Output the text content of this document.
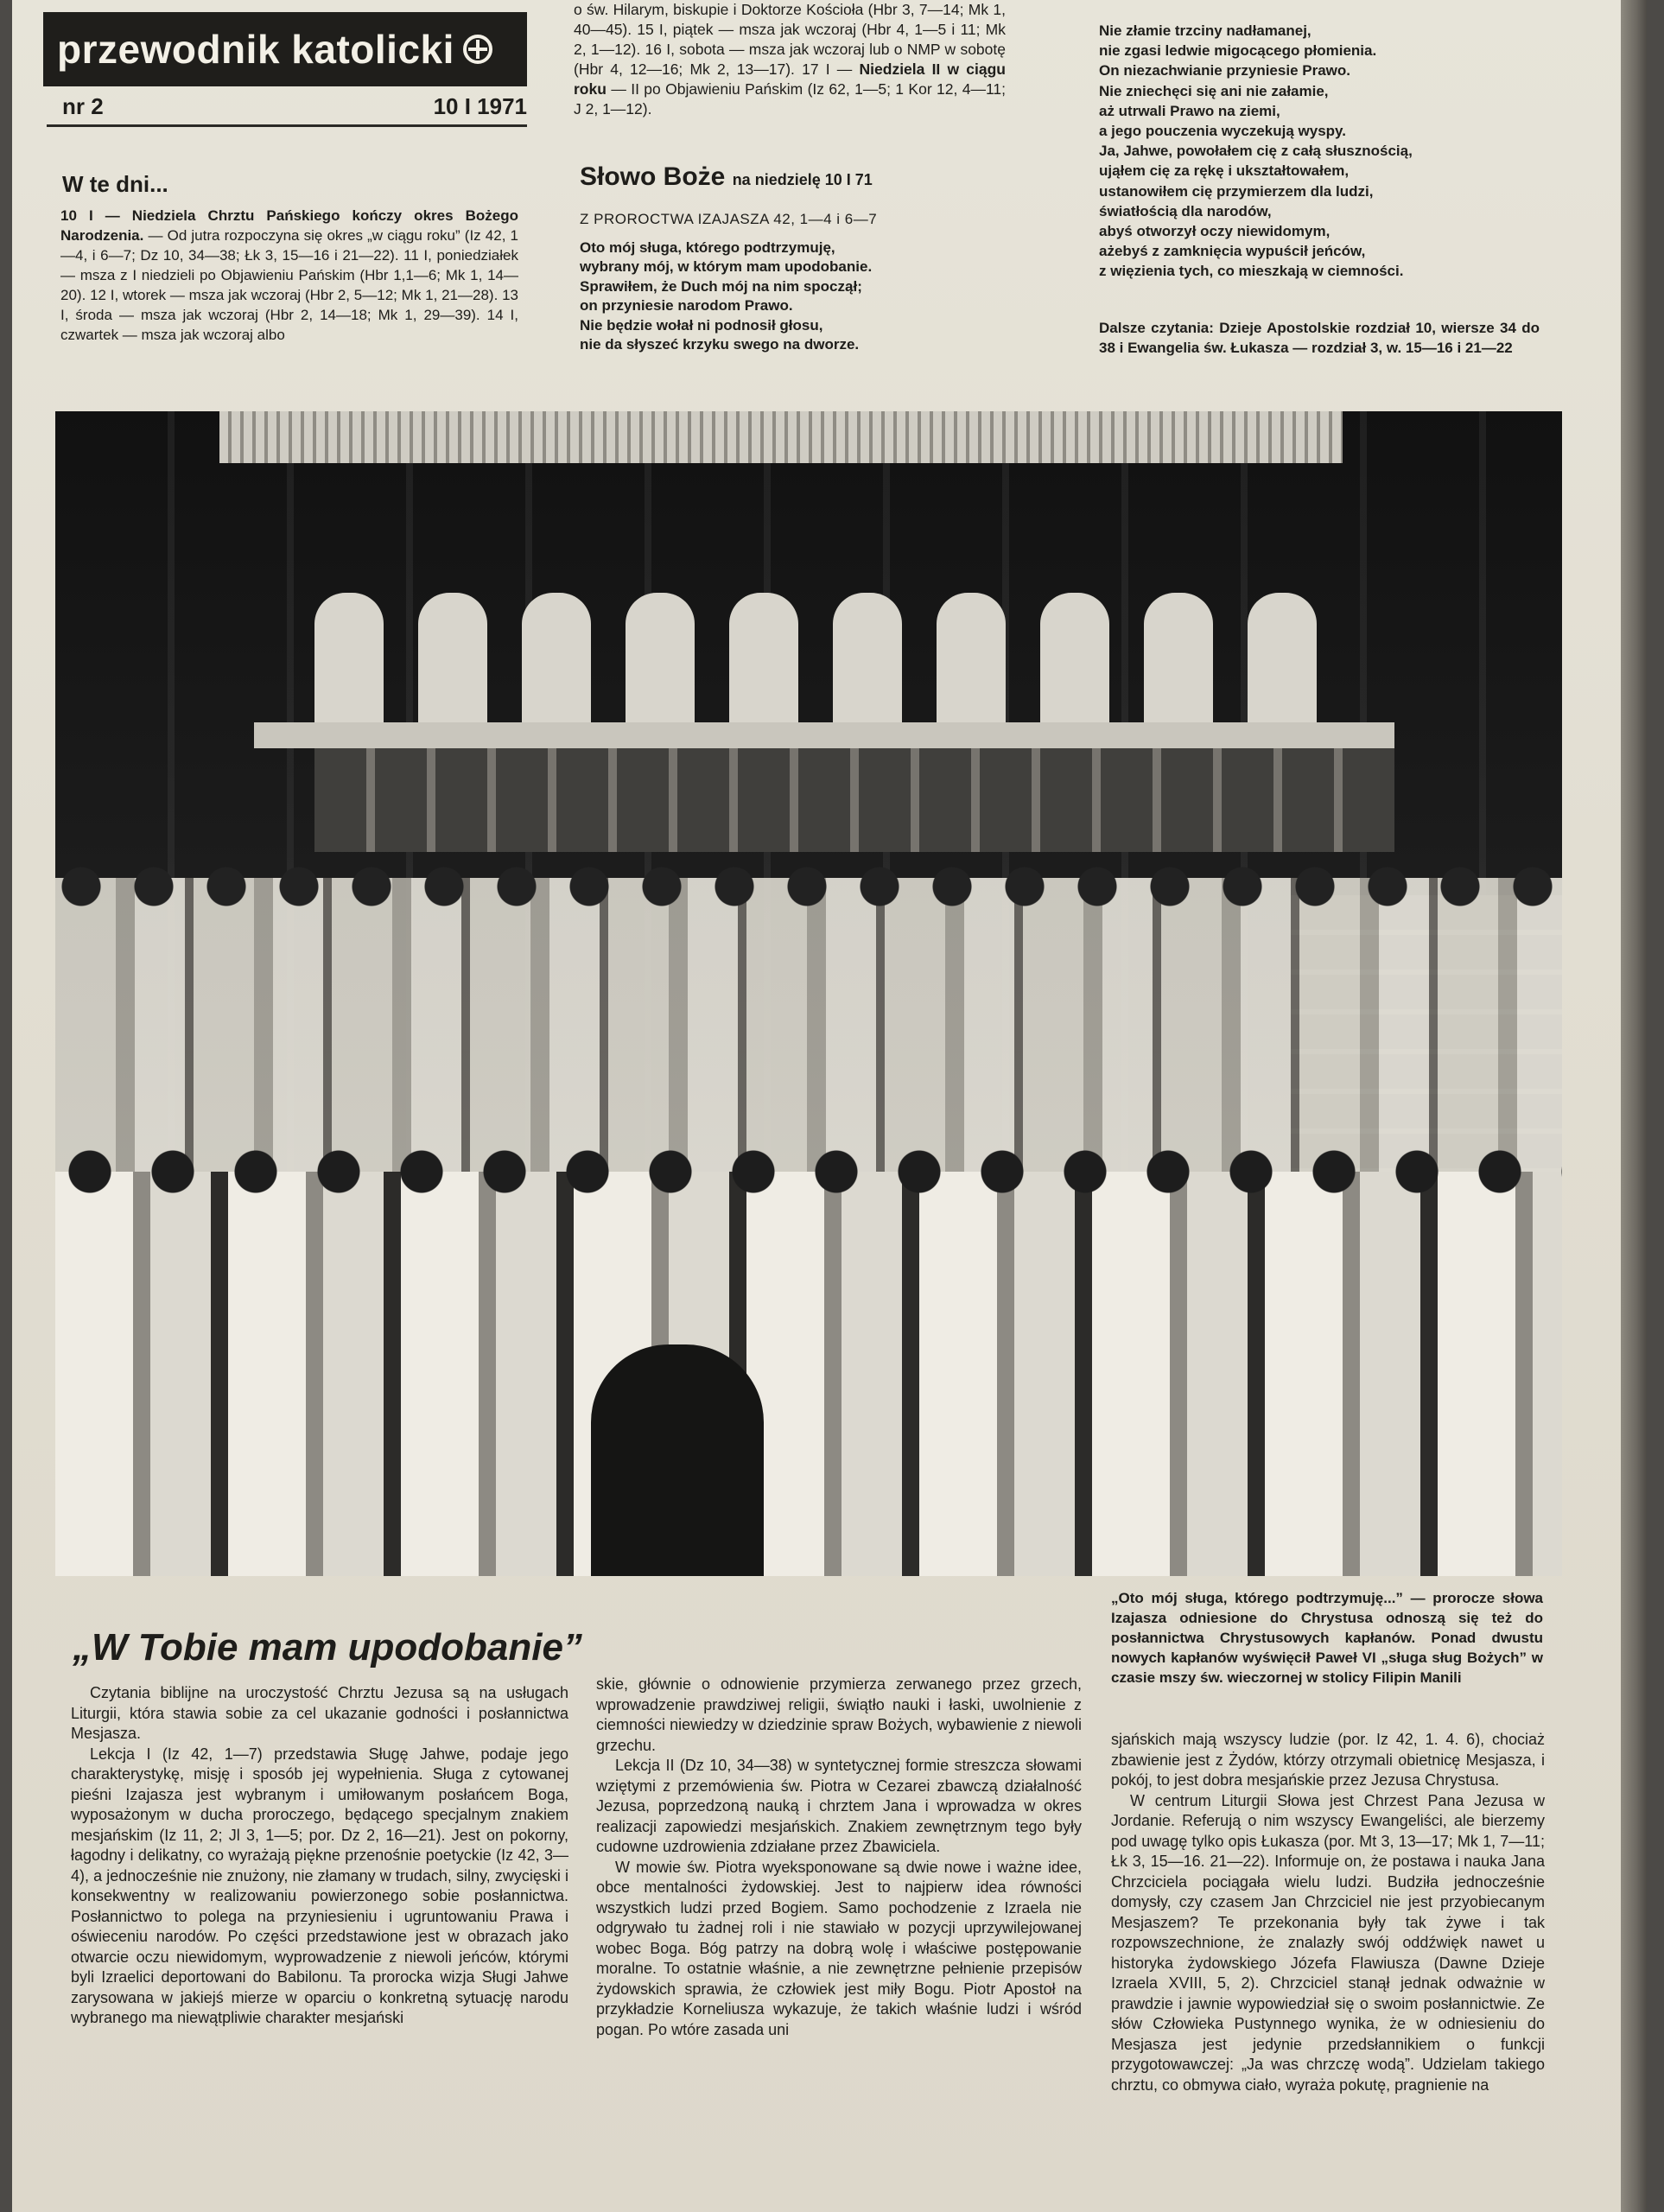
przewodnik katolicki
nr 2	10 I 1971
W te dni...

10 I — Niedziela Chrztu Pańskiego kończy okres Bożego Narodzenia. — Od jutra rozpoczyna się okres „w ciągu roku” (Iz 42, 1—4, i 6—7; Dz 10, 34—38; Łk 3, 15—16 i 21—22). 11 I, poniedziałek — msza z I niedzieli po Objawieniu Pańskim (Hbr 1,1—6; Mk 1, 14—20). 12 I, wtorek — msza jak wczoraj (Hbr 2, 5—12; Mk 1, 21—28). 13 I, środa — msza jak wczoraj (Hbr 2, 14—18; Mk 1, 29—39). 14 I, czwartek — msza jak wczoraj albo

o św. Hilarym, biskupie i Doktorze Kościoła (Hbr 3, 7—14; Mk 1, 40—45). 15 I, piątek — msza jak wczoraj (Hbr 4, 1—5 i 11; Mk 2, 1—12). 16 I, sobota — msza jak wczoraj lub o NMP w sobotę (Hbr 4, 12—16; Mk 2, 13—17). 17 I — Niedziela II w ciągu roku — II po Objawieniu Pańskim (Iz 62, 1—5; 1 Kor 12, 4—11; J 2, 1—12).

Słowo Boże na niedzielę 10 I 71
Z PROROCTWA IZAJASZA 42, 1—4 i 6—7
Oto mój sługa, którego podtrzymuję,
wybrany mój, w którym mam upodobanie.
Sprawiłem, że Duch mój na nim spoczął;
on przyniesie narodom Prawo.
Nie będzie wołał ni podnosił głosu,
nie da słyszeć krzyku swego na dworze.
Nie złamie trzciny nadłamanej,
nie zgasi ledwie migocącego płomienia.
On niezachwianie przyniesie Prawo.
Nie zniechęci się ani nie załamie,
aż utrwali Prawo na ziemi,
a jego pouczenia wyczekują wyspy.
Ja, Jahwe, powołałem cię z całą słusznością,
ująłem cię za rękę i ukształtowałem,
ustanowiłem cię przymierzem dla ludzi,
światłością dla narodów,
abyś otworzył oczy niewidomym,
ażebyś z zamknięcia wypuścił jeńców,
z więzienia tych, co mieszkają w ciemności.
Dalsze czytania: Dzieje Apostolskie rozdział 10, wiersze 34 do 38 i Ewangelia św. Łukasza — rozdział 3, w. 15—16 i 21—22
„Oto mój sługa, którego podtrzymuję...” — prorocze słowa Izajasza odniesione do Chrystusa odnoszą się też do posłannictwa Chrystusowych kapłanów. Ponad dwustu nowych kapłanów wyświęcił Paweł VI „sługa sług Bożych” w czasie mszy św. wieczornej w stolicy Filipin Manili
„W Tobie mam upodobanie”

Czytania biblijne na uroczystość Chrztu Jezusa są na usługach Liturgii, która stawia sobie za cel ukazanie godności i posłannictwa Mesjasza.

Lekcja I (Iz 42, 1—7) przedstawia Sługę Jahwe, podaje jego charakterystykę, misję i sposób jej wypełnienia. Sługa z cytowanej pieśni Izajasza jest wybranym i umiłowanym posłańcem Boga, wyposażonym w ducha proroczego, będącego specjalnym znakiem mesjańskim (Iz 11, 2; Jl 3, 1—5; por. Dz 2, 16—21). Jest on pokorny, łagodny i delikatny, co wyrażają piękne przenośnie poetyckie (Iz 42, 3—4), a jednocześnie nie znużony, nie złamany w trudach, silny, zwycięski i konsekwentny w realizowaniu powierzonego sobie posłannictwa. Posłannictwo to polega na przyniesieniu i ugruntowaniu Prawa i oświeceniu narodów. Po części przedstawione jest w obrazach jako otwarcie oczu niewidomym, wyprowadzenie z niewoli jeńców, którymi byli Izraelici deportowani do Babilonu. Ta prorocka wizja Sługi Jahwe zarysowana w jakiejś mierze w oparciu o konkretną sytuację narodu wybranego ma niewątpliwie charakter mesjański

skie, głównie o odnowienie przymierza zerwanego przez grzech, wprowadzenie prawdziwej religii, świątło nauki i łaski, uwolnienie z ciemności niewiedzy w dziedzinie spraw Bożych, wybawienie z niewoli grzechu.

Lekcja II (Dz 10, 34—38) w syntetycznej formie streszcza słowami wziętymi z przemówienia św. Piotra w Cezarei zbawczą działalność Jezusa, poprzedzoną nauką i chrztem Jana i wprowadza w okres realizacji zapowiedzi mesjańskich. Znakiem zewnętrznym tego były cudowne uzdrowienia zdziałane przez Zbawiciela.

W mowie św. Piotra wyeksponowane są dwie nowe i ważne idee, obce mentalności żydowskiej. Jest to najpierw idea równości wszystkich ludzi przed Bogiem. Samo pochodzenie z Izraela nie odgrywało tu żadnej roli i nie stawiało w pozycji uprzywilejowanej wobec Boga. Bóg patrzy na dobrą wolę i właściwe postępowanie moralne. To ostatnie właśnie, a nie zewnętrzne pełnienie przepisów żydowskich sprawia, że człowiek jest miły Bogu. Piotr Apostoł na przykładzie Korneliusza wykazuje, że takich właśnie ludzi i wśród pogan. Po wtóre zasada uni

sjańskich mają wszyscy ludzie (por. Iz 42, 1. 4. 6), chociaż zbawienie jest z Żydów, którzy otrzymali obietnicę Mesjasza, i pokój, to jest dobra mesjańskie przez Jezusa Chrystusa.

W centrum Liturgii Słowa jest Chrzest Pana Jezusa w Jordanie. Referują o nim wszyscy Ewangeliści, ale bierzemy pod uwagę tylko opis Łukasza (por. Mt 3, 13—17; Mk 1, 7—11; Łk 3, 15—16. 21—22). Informuje on, że postawa i nauka Jana Chrzciciela pociągała wielu ludzi. Budziła jednocześnie domysły, czy czasem Jan Chrzciciel nie jest przyobiecanym Mesjaszem? Te przekonania były tak żywe i tak rozpowszechnione, że znalazły swój oddźwięk nawet u historyka żydowskiego Józefa Flawiusza (Dawne Dzieje Izraela XVIII, 5, 2). Chrzciciel stanął jednak odważnie w prawdzie i jawnie wypowiedział się o swoim posłannictwie. Ze słów Człowieka Pustynnego wynika, że w odniesieniu do Mesjasza jest jedynie przedsłannikiem o funkcji przygotowawczej: „Ja was chrzczę wodą”. Udzielam takiego chrztu, co obmywa ciało, wyraża pokutę, pragnienie na
